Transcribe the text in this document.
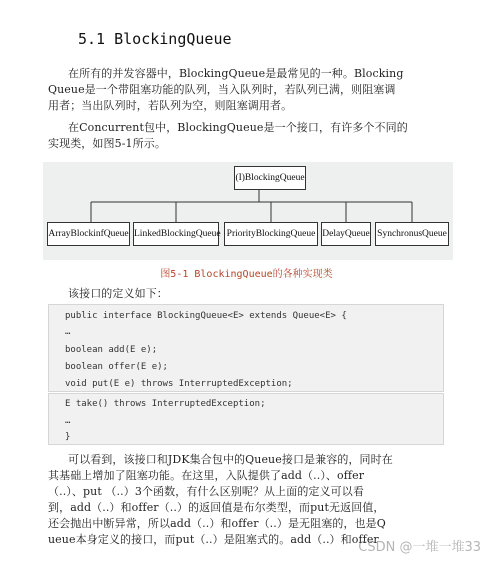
5.1 BlockingQueue
在所有的并发容器中，BlockingQueue是最常见的一种。Blocking
Queue是一个带阻塞功能的队列，当入队列时，若队列已满，则阻塞调
用者；当出队列时，若队列为空，则阻塞调用者。
在Concurrent包中，BlockingQueue是一个接口，有许多个不同的
实现类，如图5-1所示。
(I)BlockingQueue
ArrayBlockinfQueue LinkedBlockingQueue PriorityBlockingQueue DelayQueue SynchronusQueue
图5-1 BlockingQueue的各种实现类
该接口的定义如下：
public interface BlockingQueue<E> extends Queue<E> {
…
boolean add(E e);
boolean offer(E e);
void put(E e) throws InterruptedException;
E take() throws InterruptedException;
…
}
可以看到，该接口和JDK集合包中的Queue接口是兼容的，同时在
其基础上增加了阻塞功能。在这里，入队提供了add（..）、offer
（..）、put （..）3个函数，有什么区别呢？从上面的定义可以看
到，add（..）和offer（..）的返回值是布尔类型，而put无返回值，
还会抛出中断异常，所以add（..）和offer（..）是无阻塞的，也是Q
ueue本身定义的接口，而put（..）是阻塞式的。add（..）和offer
CSDN @一堆一堆33
